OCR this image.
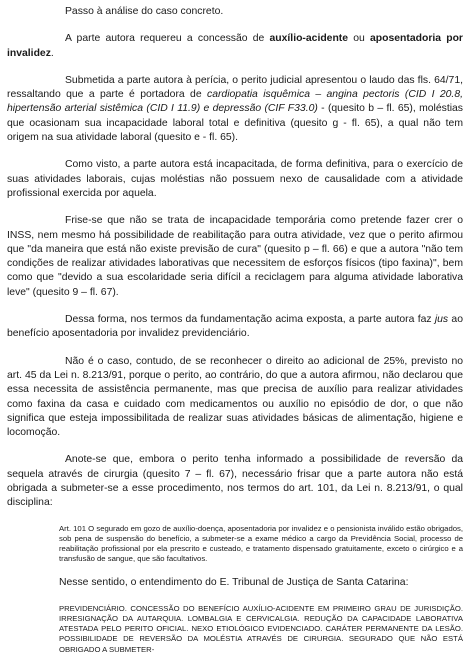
Passo à análise do caso concreto.

A parte autora requereu a concessão de auxílio-acidente ou aposentadoria por invalidez.

Submetida a parte autora à perícia, o perito judicial apresentou o laudo das fls. 64/71, ressaltando que a parte é portadora de cardiopatia isquêmica – angina pectoris (CID I 20.8, hipertensão arterial sistêmica (CID I 11.9) e depressão (CIF F33.0) - (quesito b – fl. 65), moléstias que ocasionam sua incapacidade laboral total e definitiva (quesito g - fl. 65), a qual não tem origem na sua atividade laboral (quesito e - fl. 65).

Como visto, a parte autora está incapacitada, de forma definitiva, para o exercício de suas atividades laborais, cujas moléstias não possuem nexo de causalidade com a atividade profissional exercida por aquela.

Frise-se que não se trata de incapacidade temporária como pretende fazer crer o INSS, nem mesmo há possibilidade de reabilitação para outra atividade, vez que o perito afirmou que "da maneira que está não existe previsão de cura" (quesito p – fl. 66) e que a autora "não tem condições de realizar atividades laborativas que necessitem de esforços físicos (tipo faxina)", bem como que "devido a sua escolaridade seria difícil a reciclagem para alguma atividade laborativa leve" (quesito 9 – fl. 67).

Dessa forma, nos termos da fundamentação acima exposta, a parte autora faz jus ao benefício aposentadoria por invalidez previdenciário.

Não é o caso, contudo, de se reconhecer o direito ao adicional de 25%, previsto no art. 45 da Lei n. 8.213/91, porque o perito, ao contrário, do que a autora afirmou, não declarou que essa necessita de assistência permanente, mas que precisa de auxílio para realizar atividades como faxina da casa e cuidado com medicamentos ou auxílio no episódio de dor, o que não significa que esteja impossibilitada de realizar suas atividades básicas de alimentação, higiene e locomoção.

Anote-se que, embora o perito tenha informado a possibilidade de reversão da sequela através de cirurgia (quesito 7 – fl. 67), necessário frisar que a parte autora não está obrigada a submeter-se a esse procedimento, nos termos do art. 101, da Lei n. 8.213/91, o qual disciplina:

Art. 101 O segurado em gozo de auxílio-doença, aposentadoria por invalidez e o pensionista inválido estão obrigados, sob pena de suspensão do benefício, a submeter-se a exame médico a cargo da Previdência Social, processo de reabilitação profissional por ela prescrito e custeado, e tratamento dispensado gratuitamente, exceto o cirúrgico e a transfusão de sangue, que são facultativos.

Nesse sentido, o entendimento do E. Tribunal de Justiça de Santa Catarina:

PREVIDENCIÁRIO. CONCESSÃO DO BENEFÍCIO AUXÍLIO-ACIDENTE EM PRIMEIRO GRAU DE JURISDIÇÃO. IRRESIGNAÇÃO DA AUTARQUIA. LOMBALGIA E CERVICALGIA. REDUÇÃO DA CAPACIDADE LABORATIVA ATESTADA PELO PERITO OFICIAL. NEXO ETIOLÓGICO EVIDENCIADO. CARÁTER PERMANENTE DA LESÃO. POSSIBILIDADE DE REVERSÃO DA MOLÉSTIA ATRAVÉS DE CIRURGIA. SEGURADO QUE NÃO ESTÁ OBRIGADO A SUBMETER-
